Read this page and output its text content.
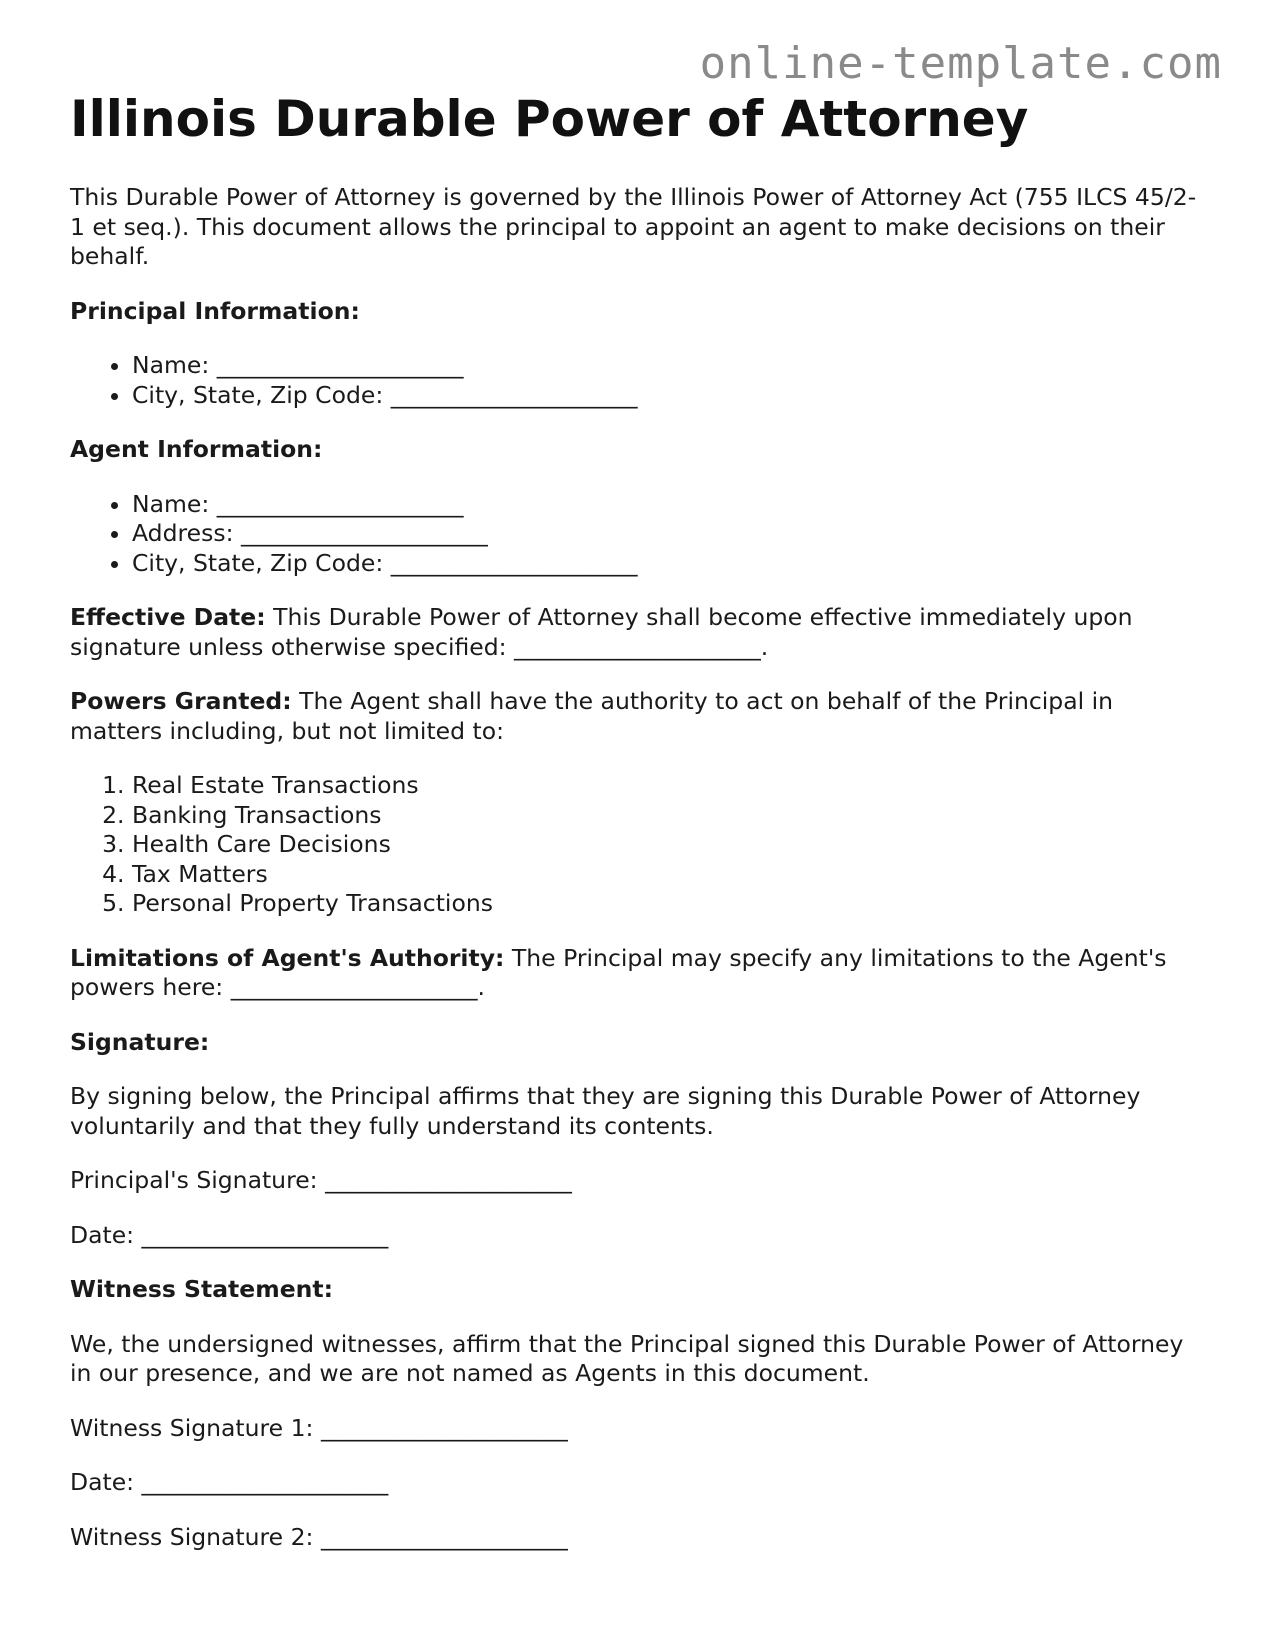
online-template.com
Illinois Durable Power of Attorney

This Durable Power of Attorney is governed by the Illinois Power of Attorney Act (755 ILCS 45/2-1 et seq.). This document allows the principal to appoint an agent to make decisions on their behalf.

Principal Information:

• Name: _____________________
• City, State, Zip Code: _____________________

Agent Information:

• Name: _____________________
• Address: _____________________
• City, State, Zip Code: _____________________

Effective Date: This Durable Power of Attorney shall become effective immediately upon signature unless otherwise specified: _____________________.

Powers Granted: The Agent shall have the authority to act on behalf of the Principal in matters including, but not limited to:

1. Real Estate Transactions
2. Banking Transactions
3. Health Care Decisions
4. Tax Matters
5. Personal Property Transactions

Limitations of Agent's Authority: The Principal may specify any limitations to the Agent's powers here: _____________________.

Signature:

By signing below, the Principal affirms that they are signing this Durable Power of Attorney voluntarily and that they fully understand its contents.

Principal's Signature: _____________________

Date: _____________________

Witness Statement:

We, the undersigned witnesses, affirm that the Principal signed this Durable Power of Attorney in our presence, and we are not named as Agents in this document.

Witness Signature 1: _____________________

Date: _____________________

Witness Signature 2: _____________________
